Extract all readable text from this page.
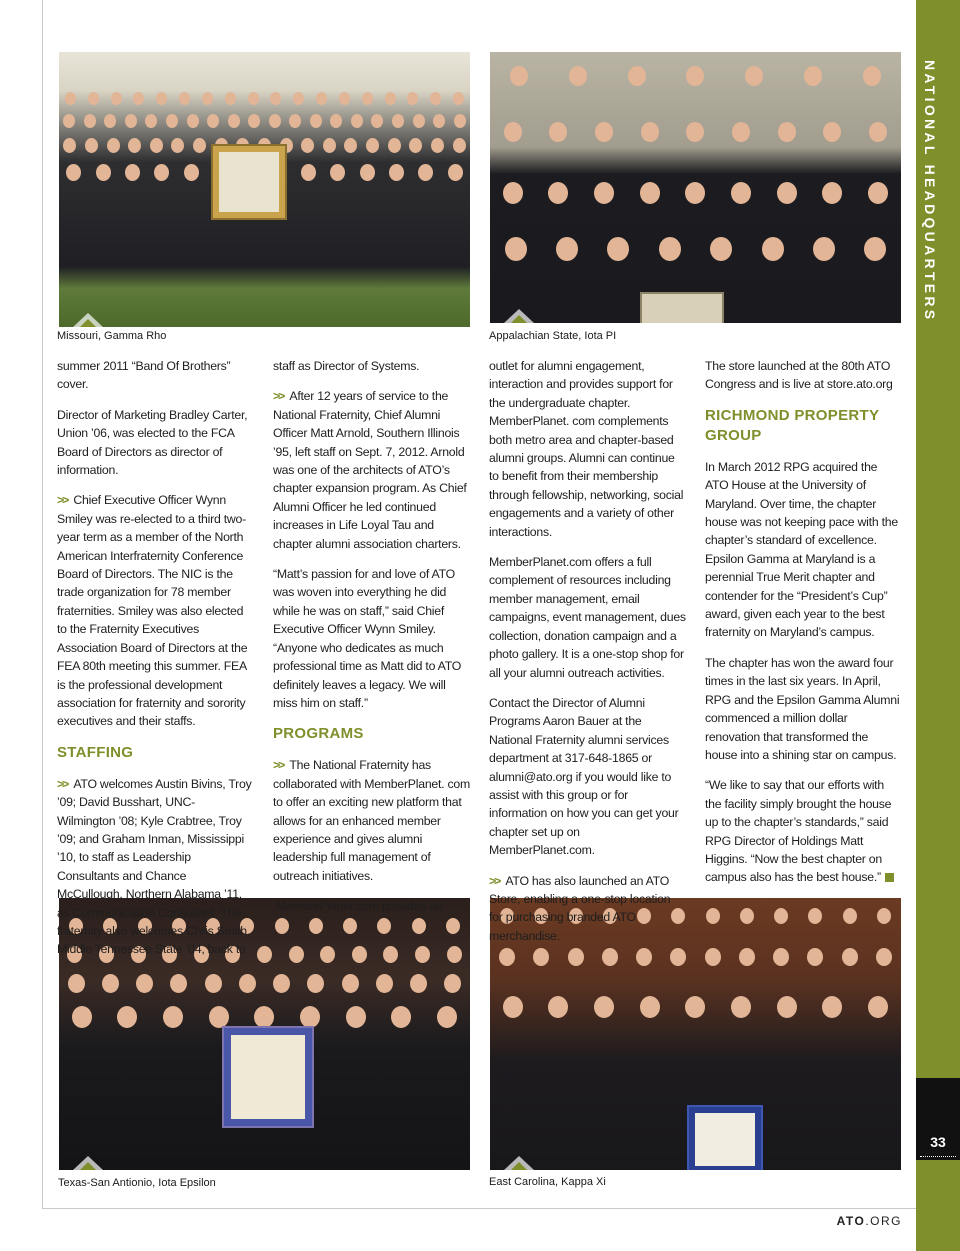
NATIONAL HEADQUARTERS
33
Missouri, Gamma Rho	Appalachian State, Iota PI
Texas-San Antionio, Iota Epsilon	East Carolina, Kappa Xi

summer 2011 “Band Of Brothers” cover.

Director of Marketing Bradley Carter, Union ’06, was elected to the FCA Board of Directors as director of information.

>> Chief Executive Officer Wynn Smiley was re-elected to a third two-year term as a member of the North American Interfraternity Conference Board of Directors. The NIC is the trade organization for 78 member fraternities. Smiley was also elected to the Fraternity Executives Association Board of Directors at the FEA 80th meeting this summer. FEA is the professional development association for fraternity and sorority executives and their staffs.

STAFFING

>> ATO welcomes Austin Bivins, Troy ’09; David Busshart, UNC-Wilmington ’08; Kyle Crabtree, Troy ’09; and Graham Inman, Mississippi ’10, to staff as Leadership Consultants and Chance McCullough, Northern Alabama ’11, as Communication Consultant. The fraternity also welcomes Chris Smith, Middle Tennessee State ’04, back to

staff as Director of Systems.

>> After 12 years of service to the National Fraternity, Chief Alumni Officer Matt Arnold, Southern Illinois ’95, left staff on Sept. 7, 2012. Arnold was one of the architects of ATO’s chapter expansion program. As Chief Alumni Officer he led continued increases in Life Loyal Tau and chapter alumni association charters.

“Matt’s passion for and love of ATO was woven into everything he did while he was on staff,” said Chief Executive Officer Wynn Smiley. “Anyone who dedicates as much professional time as Matt did to ATO definitely leaves a legacy. We will miss him on staff.”

PROGRAMS

>> The National Fraternity has collaborated with MemberPlanet. com to offer an exciting new platform that allows for an enhanced member experience and gives alumni leadership full management of outreach initiatives.

MemberPlanet.com provides an

outlet for alumni engagement, interaction and provides support for the undergraduate chapter. MemberPlanet. com complements both metro area and chapter-based alumni groups. Alumni can continue to benefit from their membership through fellowship, networking, social engagements and a variety of other interactions.

MemberPlanet.com offers a full complement of resources including member management, email campaigns, event management, dues collection, donation campaign and a photo gallery. It is a one-stop shop for all your alumni outreach activities.

Contact the Director of Alumni Programs Aaron Bauer at the National Fraternity alumni services department at 317-648-1865 or alumni@ato.org if you would like to assist with this group or for information on how you can get your chapter set up on MemberPlanet.com.

>> ATO has also launched an ATO Store, enabling a one-stop location for purchasing branded ATO merchandise.

The store launched at the 80th ATO Congress and is live at store.ato.org

RICHMOND PROPERTY GROUP

In March 2012 RPG acquired the ATO House at the University of Maryland. Over time, the chapter house was not keeping pace with the chapter’s standard of excellence. Epsilon Gamma at Maryland is a perennial True Merit chapter and contender for the “President’s Cup” award, given each year to the best fraternity on Maryland’s campus.

The chapter has won the award four times in the last six years. In April, RPG and the Epsilon Gamma Alumni commenced a million dollar renovation that transformed the house into a shining star on campus.

“We like to say that our efforts with the facility simply brought the house up to the chapter’s standards,” said RPG Director of Holdings Matt Higgins. “Now the best chapter on campus also has the best house.”

ATO.ORG
